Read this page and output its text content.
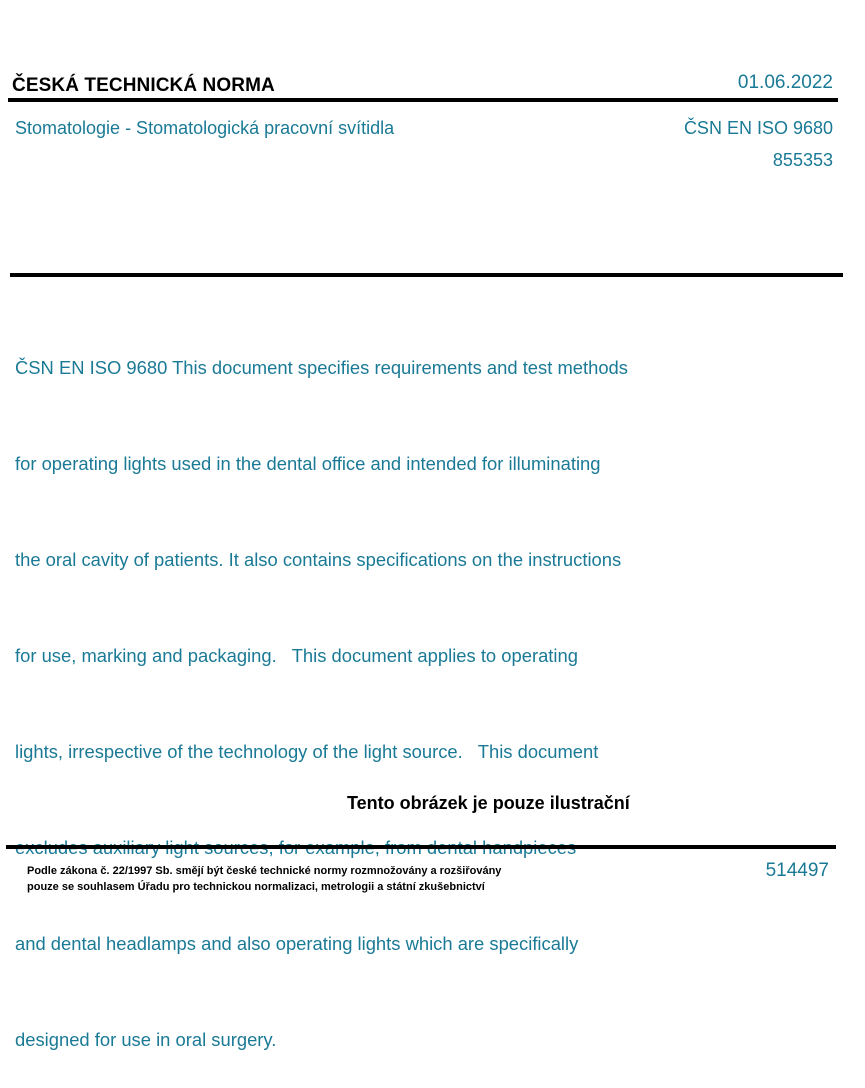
ČESKÁ TECHNICKÁ NORMA	01.06.2022
Stomatologie - Stomatologická pracovní svítidla	ČSN EN ISO 9680
855353

ČSN EN ISO 9680 This document specifies requirements and test methods

for operating lights used in the dental office and intended for illuminating

the oral cavity of patients. It also contains specifications on the instructions

for use, marking and packaging.   This document applies to operating

lights, irrespective of the technology of the light source.   This document

and dental headlamps and also operating lights which are specifically

designed for use in oral surgery.

Tento obrázek je pouze ilustrační
Podle zákona č. 22/1997 Sb. smějí být české technické normy rozmnožovány a rozšiřovány
pouze se souhlasem Úřadu pro technickou normalizaci, metrologii a státní zkušebnictví
514497
